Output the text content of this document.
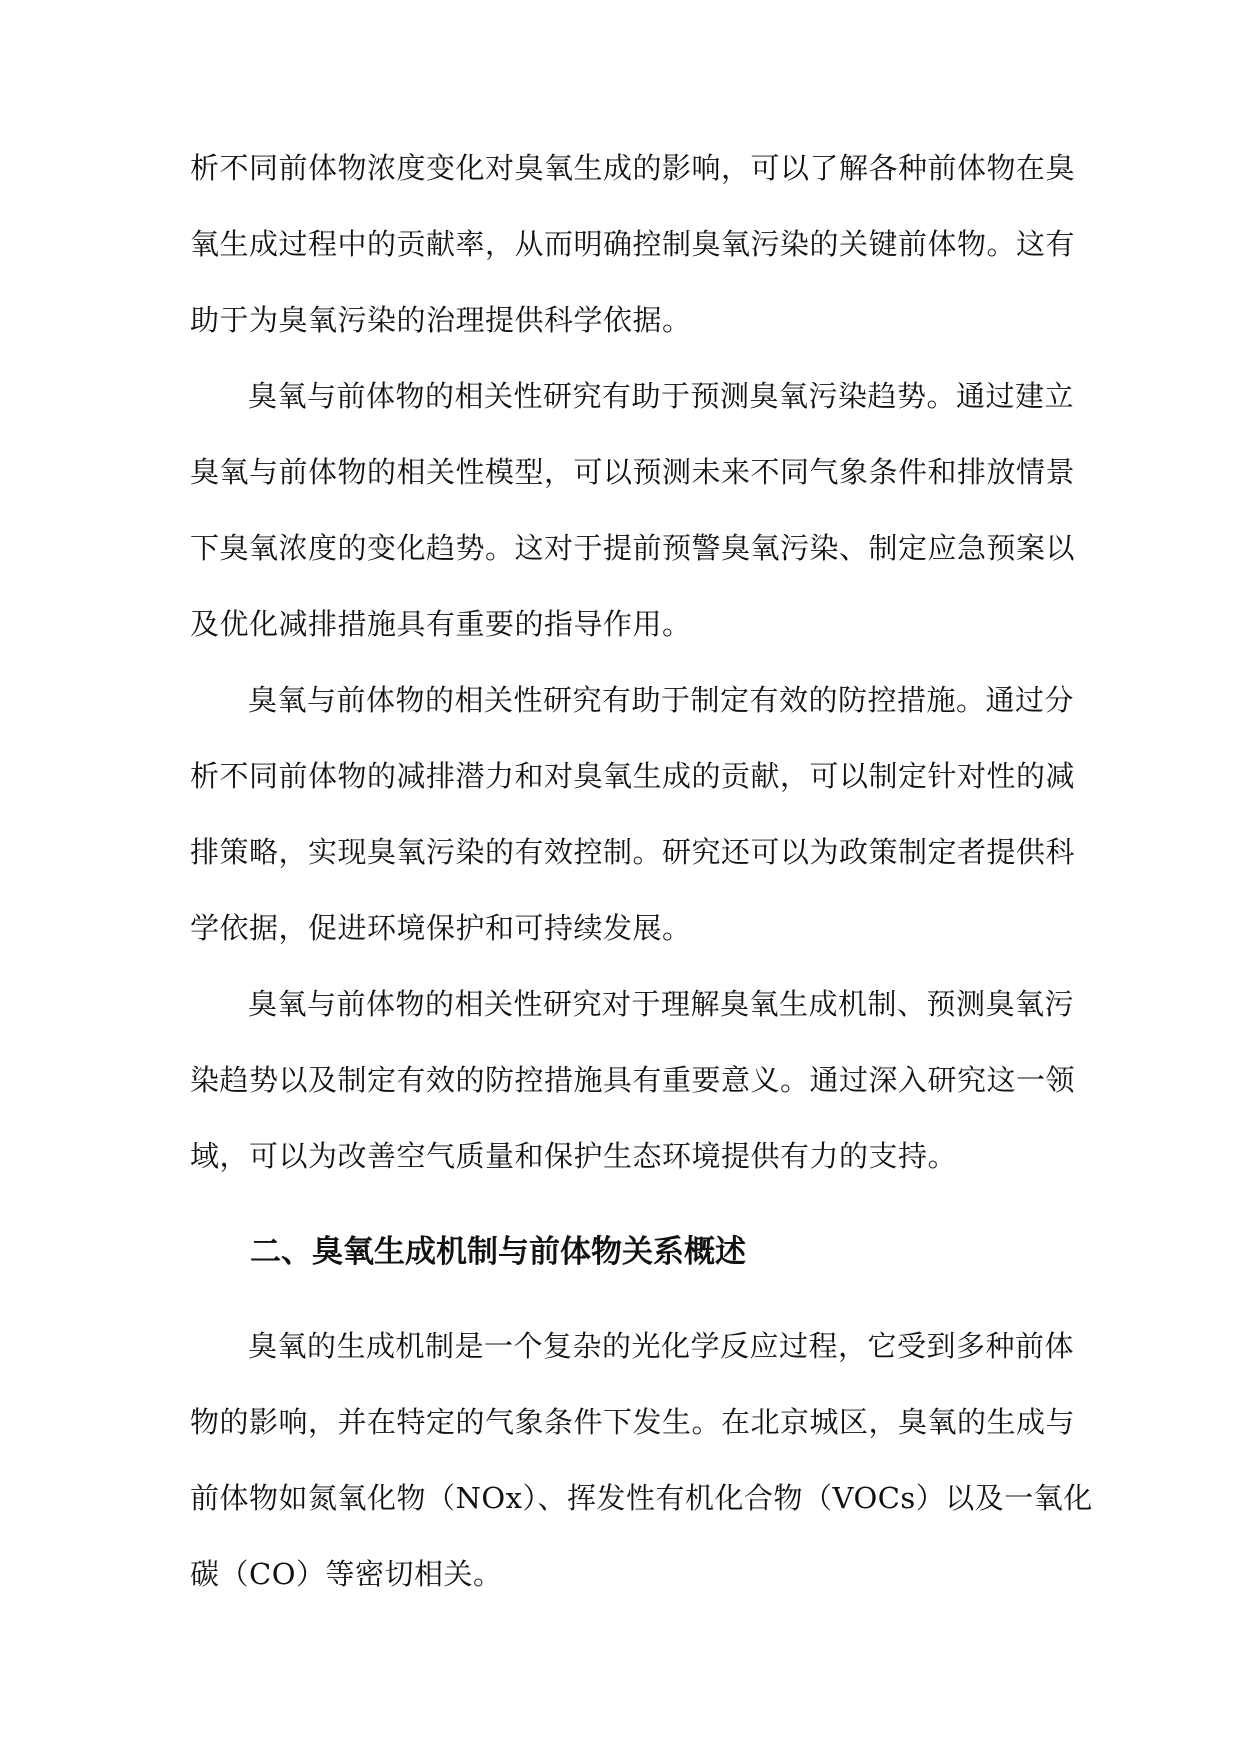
析不同前体物浓度变化对臭氧生成的影响，可以了解各种前体物在臭
氧生成过程中的贡献率，从而明确控制臭氧污染的关键前体物。这有
助于为臭氧污染的治理提供科学依据。
臭氧与前体物的相关性研究有助于预测臭氧污染趋势。通过建立
臭氧与前体物的相关性模型，可以预测未来不同气象条件和排放情景
下臭氧浓度的变化趋势。这对于提前预警臭氧污染、制定应急预案以
及优化减排措施具有重要的指导作用。
臭氧与前体物的相关性研究有助于制定有效的防控措施。通过分
析不同前体物的减排潜力和对臭氧生成的贡献，可以制定针对性的减
排策略，实现臭氧污染的有效控制。研究还可以为政策制定者提供科
学依据，促进环境保护和可持续发展。
臭氧与前体物的相关性研究对于理解臭氧生成机制、预测臭氧污
染趋势以及制定有效的防控措施具有重要意义。通过深入研究这一领
域，可以为改善空气质量和保护生态环境提供有力的支持。
二、臭氧生成机制与前体物关系概述
臭氧的生成机制是一个复杂的光化学反应过程，它受到多种前体
物的影响，并在特定的气象条件下发生。在北京城区，臭氧的生成与
前体物如氮氧化物（NOx）、挥发性有机化合物（VOCs）以及一氧化
碳（CO）等密切相关。
